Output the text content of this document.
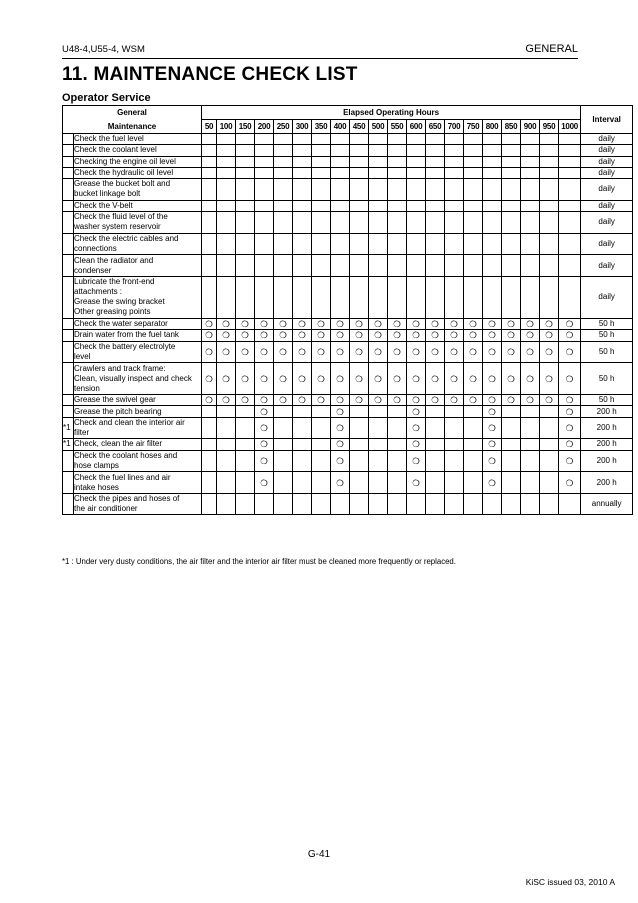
U48-4,U55-4, WSM	GENERAL
11. MAINTENANCE CHECK LIST
Operator Service
General
Maintenance		Elapsed Operating Hours																				Interval
		50	100	150	200	250	300	350	400	450	500	550	600	650	700	750	800	850	900	950	1000	
	Check the fuel level																					daily
	Check the coolant level																					daily
	Checking the engine oil level																					daily
	Check the hydraulic oil level																					daily
	Grease the bucket bolt and
bucket linkage bolt																					daily
	Check the V-belt																					daily
	Check the fluid level of the
washer system reservoir																					daily
	Check the electric cables and
connections																					daily
	Clean the radiator and
condenser																					daily
	Lubricate the front-end
attachments :
Grease the swing bracket
Other greasing points																					daily
	Check the water separator	❍	❍	❍	❍	❍	❍	❍	❍	❍	❍	❍	❍	❍	❍	❍	❍	❍	❍	❍	❍	50 h
	Drain water from the fuel tank	❍	❍	❍	❍	❍	❍	❍	❍	❍	❍	❍	❍	❍	❍	❍	❍	❍	❍	❍	❍	50 h
	Check the battery electrolyte
level	❍	❍	❍	❍	❍	❍	❍	❍	❍	❍	❍	❍	❍	❍	❍	❍	❍	❍	❍	❍	50 h
	Crawlers and track frame:
Clean, visually inspect and check
tension	❍	❍	❍	❍	❍	❍	❍	❍	❍	❍	❍	❍	❍	❍	❍	❍	❍	❍	❍	❍	50 h
	Grease the swivel gear	❍	❍	❍	❍	❍	❍	❍	❍	❍	❍	❍	❍	❍	❍	❍	❍	❍	❍	❍	❍	50 h
	Grease the pitch bearing				❍				❍				❍				❍				❍	200 h
*1	Check and clean the interior air
filter				❍				❍				❍				❍				❍	200 h
*1	Check, clean the air filter				❍				❍				❍				❍				❍	200 h
	Check the coolant hoses and
hose clamps				❍				❍				❍				❍				❍	200 h
	Check the fuel lines and air
intake hoses				❍				❍				❍				❍				❍	200 h
	Check the pipes and hoses of
the air conditioner																					annually
*1 : Under very dusty conditions, the air filter and the interior air filter must be cleaned more frequently or replaced.
G-41
KiSC issued 03, 2010 A
